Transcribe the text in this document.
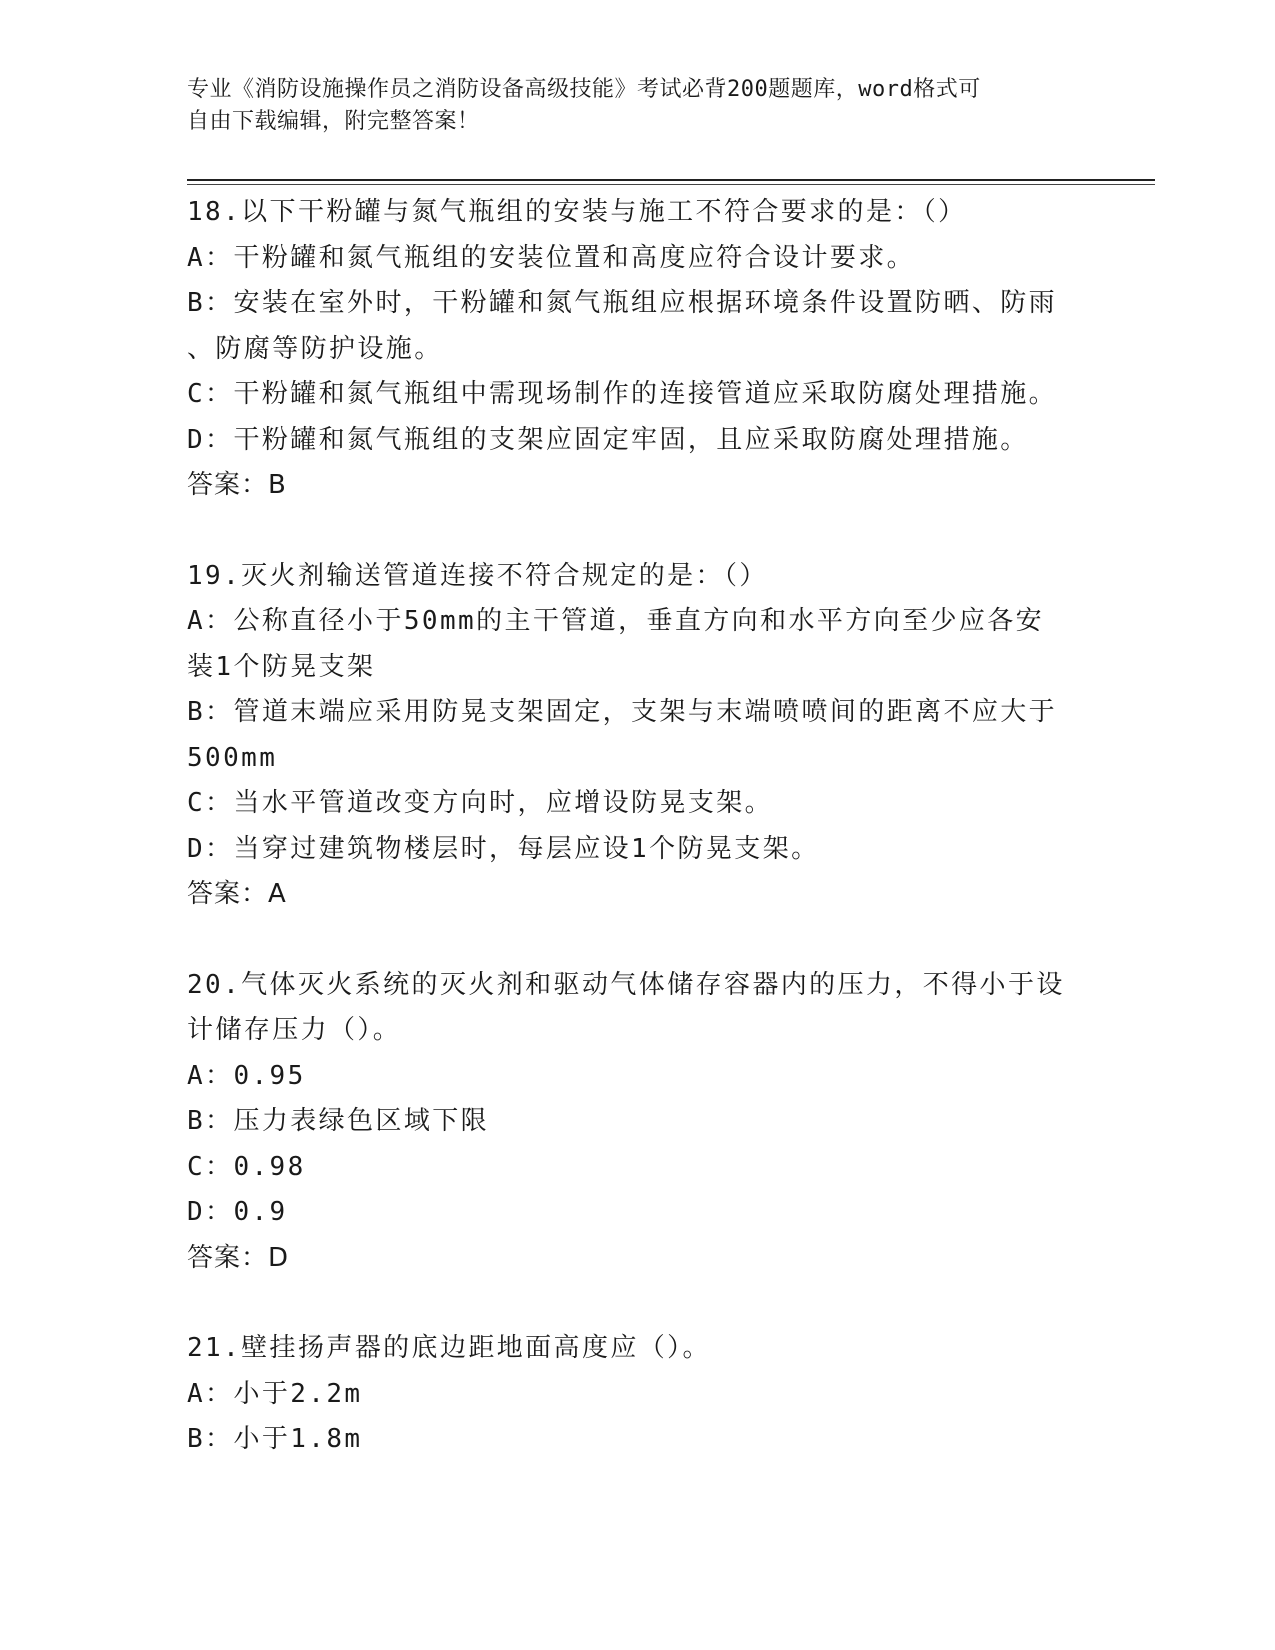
专业《消防设施操作员之消防设备高级技能》考试必背200题题库，word格式可
自由下载编辑，附完整答案！
18.以下干粉罐与氮气瓶组的安装与施工不符合要求的是：（）
A：干粉罐和氮气瓶组的安装位置和高度应符合设计要求。
B：安装在室外时，干粉罐和氮气瓶组应根据环境条件设置防晒、防雨
、防腐等防护设施。
C：干粉罐和氮气瓶组中需现场制作的连接管道应采取防腐处理措施。
D：干粉罐和氮气瓶组的支架应固定牢固，且应采取防腐处理措施。
答案：B
19.灭火剂输送管道连接不符合规定的是：（）
A：公称直径小于50mm的主干管道，垂直方向和水平方向至少应各安
装1个防晃支架
B：管道末端应采用防晃支架固定，支架与末端喷喷间的距离不应大于
500mm
C：当水平管道改变方向时，应增设防晃支架。
D：当穿过建筑物楼层时，每层应设1个防晃支架。
答案：A
20.气体灭火系统的灭火剂和驱动气体储存容器内的压力，不得小于设
计储存压力（）。
A：0.95
B：压力表绿色区域下限
C：0.98
D：0.9
答案：D
21.壁挂扬声器的底边距地面高度应（）。
A：小于2.2m
B：小于1.8m
